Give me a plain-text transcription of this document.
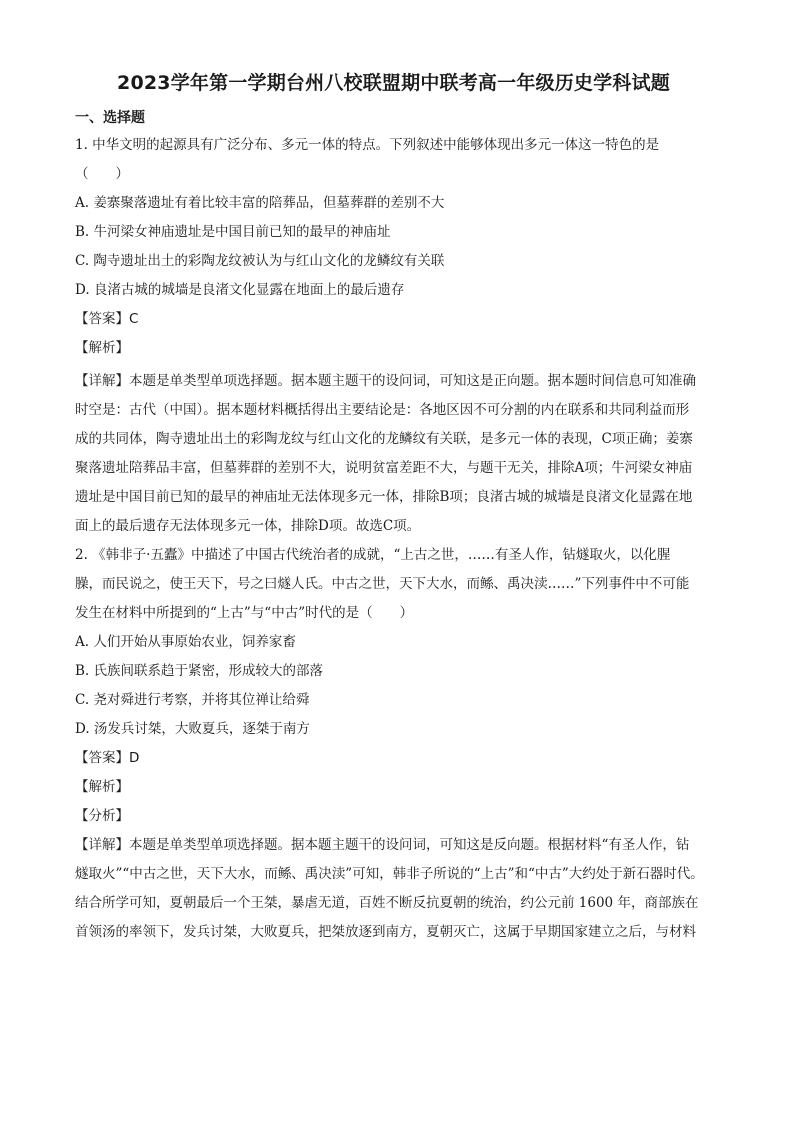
2023学年第一学期台州八校联盟期中联考高一年级历史学科试题
一、选择题
1. 中华文明的起源具有广泛分布、多元一体的特点。下列叙述中能够体现出多元一体这一特色的是
（　　）
A. 姜寨聚落遗址有着比较丰富的陪葬品，但墓葬群的差别不大
B. 牛河梁女神庙遗址是中国目前已知的最早的神庙址
C. 陶寺遗址出土的彩陶龙纹被认为与红山文化的龙鳞纹有关联
D. 良渚古城的城墙是良渚文化显露在地面上的最后遗存
【答案】C
【解析】
【详解】本题是单类型单项选择题。据本题主题干的设问词，可知这是正向题。据本题时间信息可知准确
时空是：古代（中国）。据本题材料概括得出主要结论是：各地区因不可分割的内在联系和共同利益而形
成的共同体，陶寺遗址出土的彩陶龙纹与红山文化的龙鳞纹有关联，是多元一体的表现，C项正确；姜寨
聚落遗址陪葬品丰富，但墓葬群的差别不大，说明贫富差距不大，与题干无关，排除A项；牛河梁女神庙
遗址是中国目前已知的最早的神庙址无法体现多元一体，排除B项；良渚古城的城墙是良渚文化显露在地
面上的最后遗存无法体现多元一体，排除D项。故选C项。
2. 《韩非子·五蠹》中描述了中国古代统治者的成就，“上古之世，……有圣人作，钻燧取火，以化腥
臊，而民说之，使王天下，号之曰燧人氏。中古之世，天下大水，而鲧、禹决渎……”下列事件中不可能
发生在材料中所提到的“上古”与“中古”时代的是（　　）
A. 人们开始从事原始农业，饲养家畜
B. 氏族间联系趋于紧密，形成较大的部落
C. 尧对舜进行考察，并将其位禅让给舜
D. 汤发兵讨桀，大败夏兵，逐桀于南方
【答案】D
【解析】
【分析】
【详解】本题是单类型单项选择题。据本题主题干的设问词，可知这是反向题。根据材料“有圣人作，钻
燧取火”“中古之世，天下大水，而鲧、禹决渎”可知，韩非子所说的“上古”和“中古”大约处于新石器时代。
结合所学可知，夏朝最后一个王桀，暴虐无道，百姓不断反抗夏朝的统治，约公元前 1600 年，商部族在
首领汤的率领下，发兵讨桀，大败夏兵，把桀放逐到南方，夏朝灭亡，这属于早期国家建立之后，与材料
